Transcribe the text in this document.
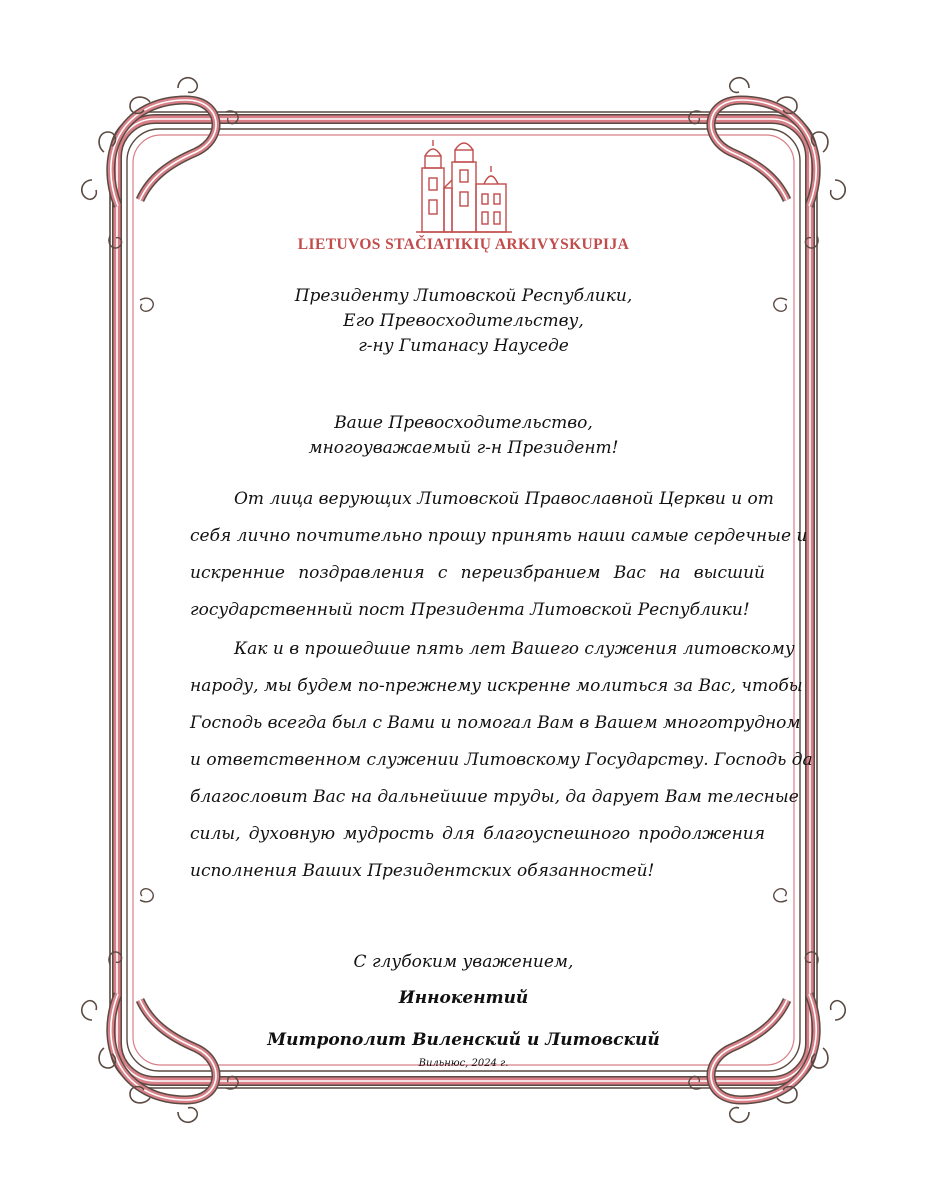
LIETUVOS STAČIATIKIŲ ARKIVYSKUPIJA
Президенту Литовской Республики,
Его Превосходительству,
г-ну Гитанасу Науседе
Ваше Превосходительство,
многоуважаемый г-н Президент!
От лица верующих Литовской Православной Церкви и от
себя лично почтительно прошу принять наши самые сердечные и
искренние поздравления с переизбранием Вас на высший
государственный пост Президента Литовской Республики!
Как и в прошедшие пять лет Вашего служения литовскому
народу, мы будем по-прежнему искренне молиться за Вас, чтобы
Господь всегда был с Вами и помогал Вам в Вашем многотрудном
и ответственном служении Литовскому Государству. Господь да
благословит Вас на дальнейшие труды, да дарует Вам телесные
силы, духовную мудрость для благоуспешного продолжения
исполнения Ваших Президентских обязанностей!
С глубоким уважением,
Иннокентий
Митрополит Виленский и Литовский
Вильнюс, 2024 г.
